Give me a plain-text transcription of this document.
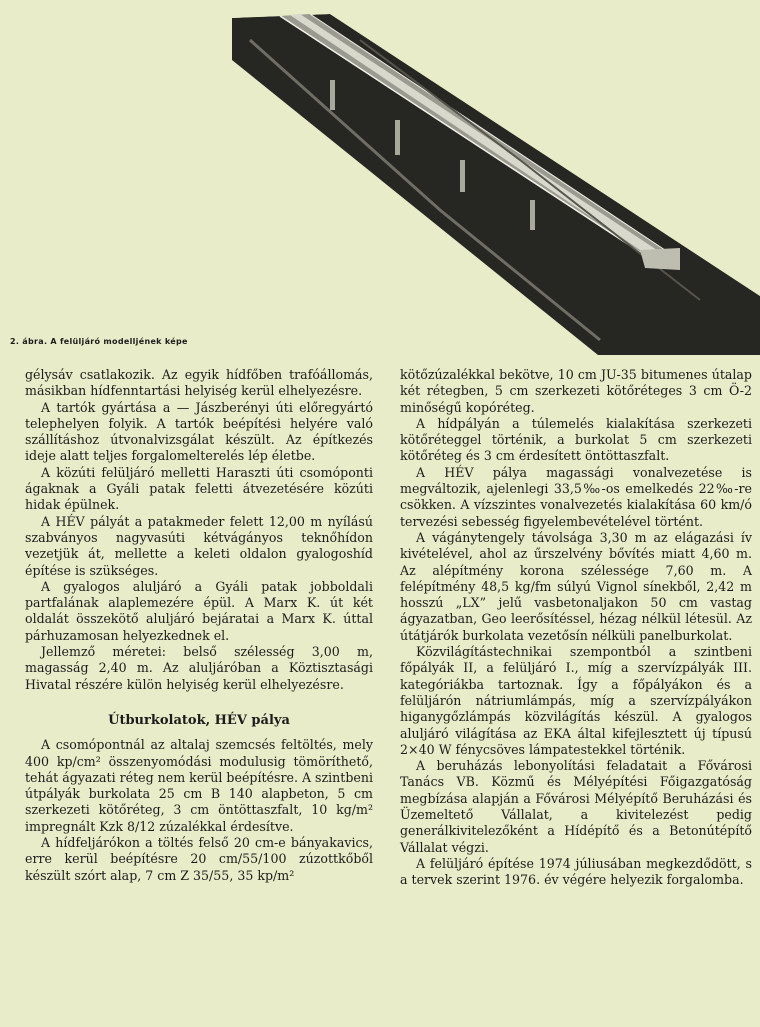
2. ábra. A felüljáró modelljének képe

gélysáv csatlakozik. Az egyik hídfőben trafóállomás, másikban hídfenntartási helyiség kerül elhelyezésre.

A tartók gyártása a — Jászberényi úti előregyártó telephelyen folyik. A tartók beépítési helyére való szállításhoz útvonalvizsgálat készült. Az építkezés ideje alatt teljes forgalomelterelés lép életbe.

A közúti felüljáró melletti Haraszti úti csomóponti ágaknak a Gyáli patak feletti átvezetésére közúti hidak épülnek.

A HÉV pályát a patakmeder felett 12,00 m nyílású szabványos nagyvasúti kétvágányos teknőhídon vezetjük át, mellette a keleti oldalon gyalogoshíd építése is szükséges.

A gyalogos aluljáró a Gyáli patak jobboldali partfalának alaplemezére épül. A Marx K. út két oldalát összekötő aluljáró bejáratai a Marx K. úttal párhuzamosan helyezkednek el.

Jellemző méretei: belső szélesség 3,00 m, magasság 2,40 m. Az aluljáróban a Köztisztasági Hivatal részére külön helyiség kerül elhelyezésre.

Útburkolatok, HÉV pálya

A csomópontnál az altalaj szemcsés feltöltés, mely 400 kp/cm² összenyomódási modulusig tömöríthető, tehát ágyazati réteg nem kerül beépítésre. A szintbeni útpályák burkolata 25 cm B 140 alapbeton, 5 cm szerkezeti kötőréteg, 3 cm öntöttaszfalt, 10 kg/m² impregnált Kzk 8/12 zúzalékkal érdesítve.

A hídfeljárókon a töltés felső 20 cm-e bányakavics, erre kerül beépítésre 20 cm/55/100 zúzottkőből készült szórt alap, 7 cm Z 35/55, 35 kp/m²

kötőzúzalékkal bekötve, 10 cm JU-35 bitumenes útalap két rétegben, 5 cm szerkezeti kötőréteges 3 cm Ö-2 minőségű kopóréteg.

A hídpályán a túlemelés kialakítása szerkezeti kötőréteggel történik, a burkolat 5 cm szerkezeti kötőréteg és 3 cm érdesített öntöttaszfalt.

A HÉV pálya magassági vonalvezetése is megváltozik, ajelenlegi 33,5‰-os emelkedés 22‰-re csökken. A vízszintes vonalvezetés kialakítása 60 km/ó tervezési sebesség figyelembevételével történt.

A vágánytengely távolsága 3,30 m az elágazási ív kivételével, ahol az űrszelvény bővítés miatt 4,60 m. Az alépítmény korona szélessége 7,60 m. A felépítmény 48,5 kg/fm súlyú Vignol sínekből, 2,42 m hosszú „LX” jelű vasbetonaljakon 50 cm vastag ágyazatban, Geo leerősítéssel, hézag nélkül létesül. Az útátjárók burkolata vezetősín nélküli panelburkolat.

Közvilágítástechnikai szempontból a szintbeni főpályák II, a felüljáró I., míg a szervízpályák III. kategóriákba tartoznak. Így a főpályákon és a felüljárón nátriumlámpás, míg a szervízpályákon higanygőzlámpás közvilágítás készül. A gyalogos aluljáró világítása az EKA által kifejlesztett új típusú 2×40 W fénycsöves lámpatestekkel történik.

A beruházás lebonyolítási feladatait a Fővárosi Tanács VB. Közmű és Mélyépítési Főigazgatóság megbízása alapján a Fővárosi Mélyépítő Beruházási és Üzemeltető Vállalat, a kivitelezést pedig generálkivitelezőként a Hídépítő és a Betonútépítő Vállalat végzi.

A felüljáró építése 1974 júliusában megkezdődött, s a tervek szerint 1976. év végére helyezik forgalomba.
